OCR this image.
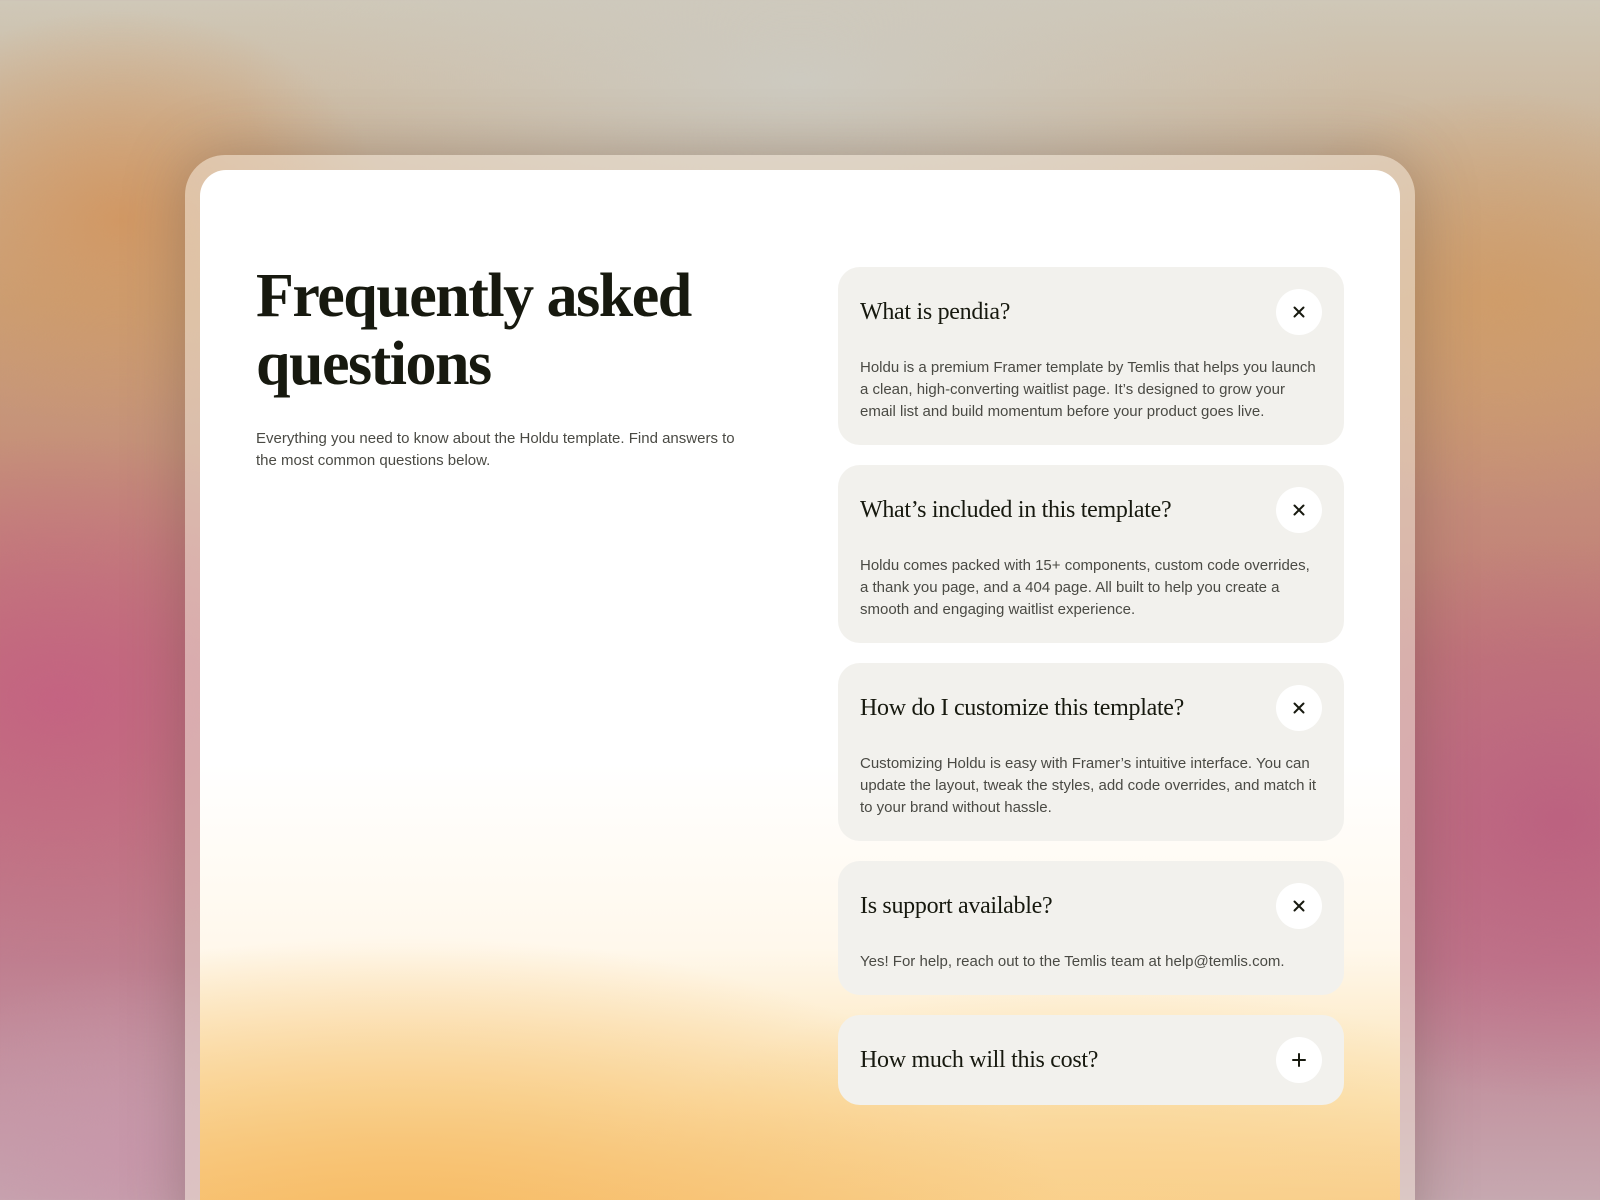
Frequently asked
questions

Everything you need to know about the Holdu template. Find answers to the most common questions below.

What is pendia?

Holdu is a premium Framer template by Temlis that helps you launch a clean, high-converting waitlist page. It’s designed to grow your email list and build momentum before your product goes live.

What’s included in this template?

Holdu comes packed with 15+ components, custom code overrides, a thank you page, and a 404 page. All built to help you create a smooth and engaging waitlist experience.

How do I customize this template?

Customizing Holdu is easy with Framer’s intuitive interface. You can update the layout, tweak the styles, add code overrides, and match it to your brand without hassle.

Is support available?

Yes! For help, reach out to the Temlis team at help@temlis.com.

How much will this cost?
